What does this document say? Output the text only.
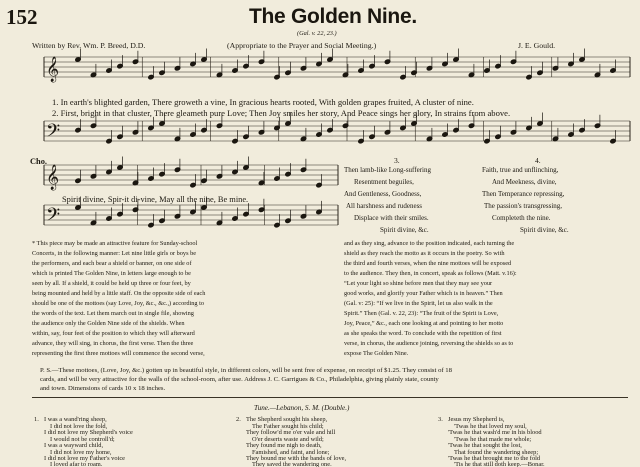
152	The Golden Nine.
(Gal. v. 22, 23.)
Written by Rev. Wm. P. Breed, D.D.	(Appropriate to the Prayer and Social Meeting.)	J. E. Gould.
𝄞
𝄢
𝄞
𝄢
1. In earth's blighted garden, There groweth a vine, In gracious hearts rooted, With golden grapes fruited, A cluster of nine.
2. First, bright in that cluster, There gleameth pure Love; Then Joy smiles her story, And Peace sings her glory, In strains from above.
Cho.
Spirit divine, Spir-it di-vine, May all the nine, Be mine.
3.
Then lamb-like Long-suffering
Resentment beguiles,
And Gentleness, Goodness,
All harshness and rudeness
Displace with their smiles.
Spirit divine, &c.
4.
Faith, true and unflinching,
And Meekness, divine,
Then Temperance repressing,
The passion's transgressing,
Completeth the nine.
Spirit divine, &c.
* This piece may be made an attractive feature for Sunday-school
Concerts, in the following manner: Let nine little girls or boys be
the performers, and each bear a shield or banner, on one side of
which is printed The Golden Nine, in letters large enough to be
seen by all. If a shield, it could be held up three or four feet, by
being mounted and held by a little staff. On the opposite side of each
should be one of the mottoes (say Love, Joy, &c., &c.,) according to
the words of the text. Let them march out in single file, showing
the audience only the Golden Nine side of the shields. When
within, say, four feet of the position to which they will afterward
advance, they will sing, in chorus, the first verse. Then the three
representing the first three mottoes will commence the second verse,
and as they sing, advance to the position indicated, each turning the
shield as they reach the motto as it occurs in the poetry. So with
the third and fourth verses, when the nine mottoes will be exposed
to the audience. They then, in concert, speak as follows (Matt. v.16):
“Let your light so shine before men that they may see your
good works, and glorify your Father which is in heaven.” Then
(Gal. v: 25): “If we live in the Spirit, let us also walk in the
Spirit.” Then (Gal. v. 22, 23): “The fruit of the Spirit is Love,
Joy, Peace,” &c., each one looking at and pointing to her motto
as she speaks the word. To conclude with the repetition of first
verse, in chorus, the audience joining, reversing the shields so as to
expose The Golden Nine.
P. S.—These mottoes, (Love, Joy, &c.) gotten up in beautiful style, in different colors, will be sent free of expense, on receipt of $1.25. They consist of 18
cards, and will be very attractive for the walls of the school-room, after use. Address J. C. Garrigues & Co., Philadelphia, giving plainly state, county
and town. Dimensions of cards 10 x 18 inches.
Tune.—Lebanon, S. M. (Double.)
1. I was a wand'ring sheep,
I did not love the fold,
I did not love my Shepherd's voice
I would not be controll'd;
I was a wayward child,
I did not love my home,
I did not love my Father's voice
I loved afar to roam.
2. The Shepherd sought his sheep,
The Father sought his child;
They follow'd me o'er vale and hill
O'er deserts waste and wild;
They found me nigh to death,
Famished, and faint, and lone;
They bound me with the bands of love,
They saved the wandering one.
3. Jesus my Shepherd is,
'Twas he that loved my soul,
'Twas he that wash'd me in his blood
'Twas he that made me whole;
'Twas he that sought the lost,
That found the wandering sheep;
'Twas he that brought me to the fold
'Tis he that still doth keep.—Bonar.
